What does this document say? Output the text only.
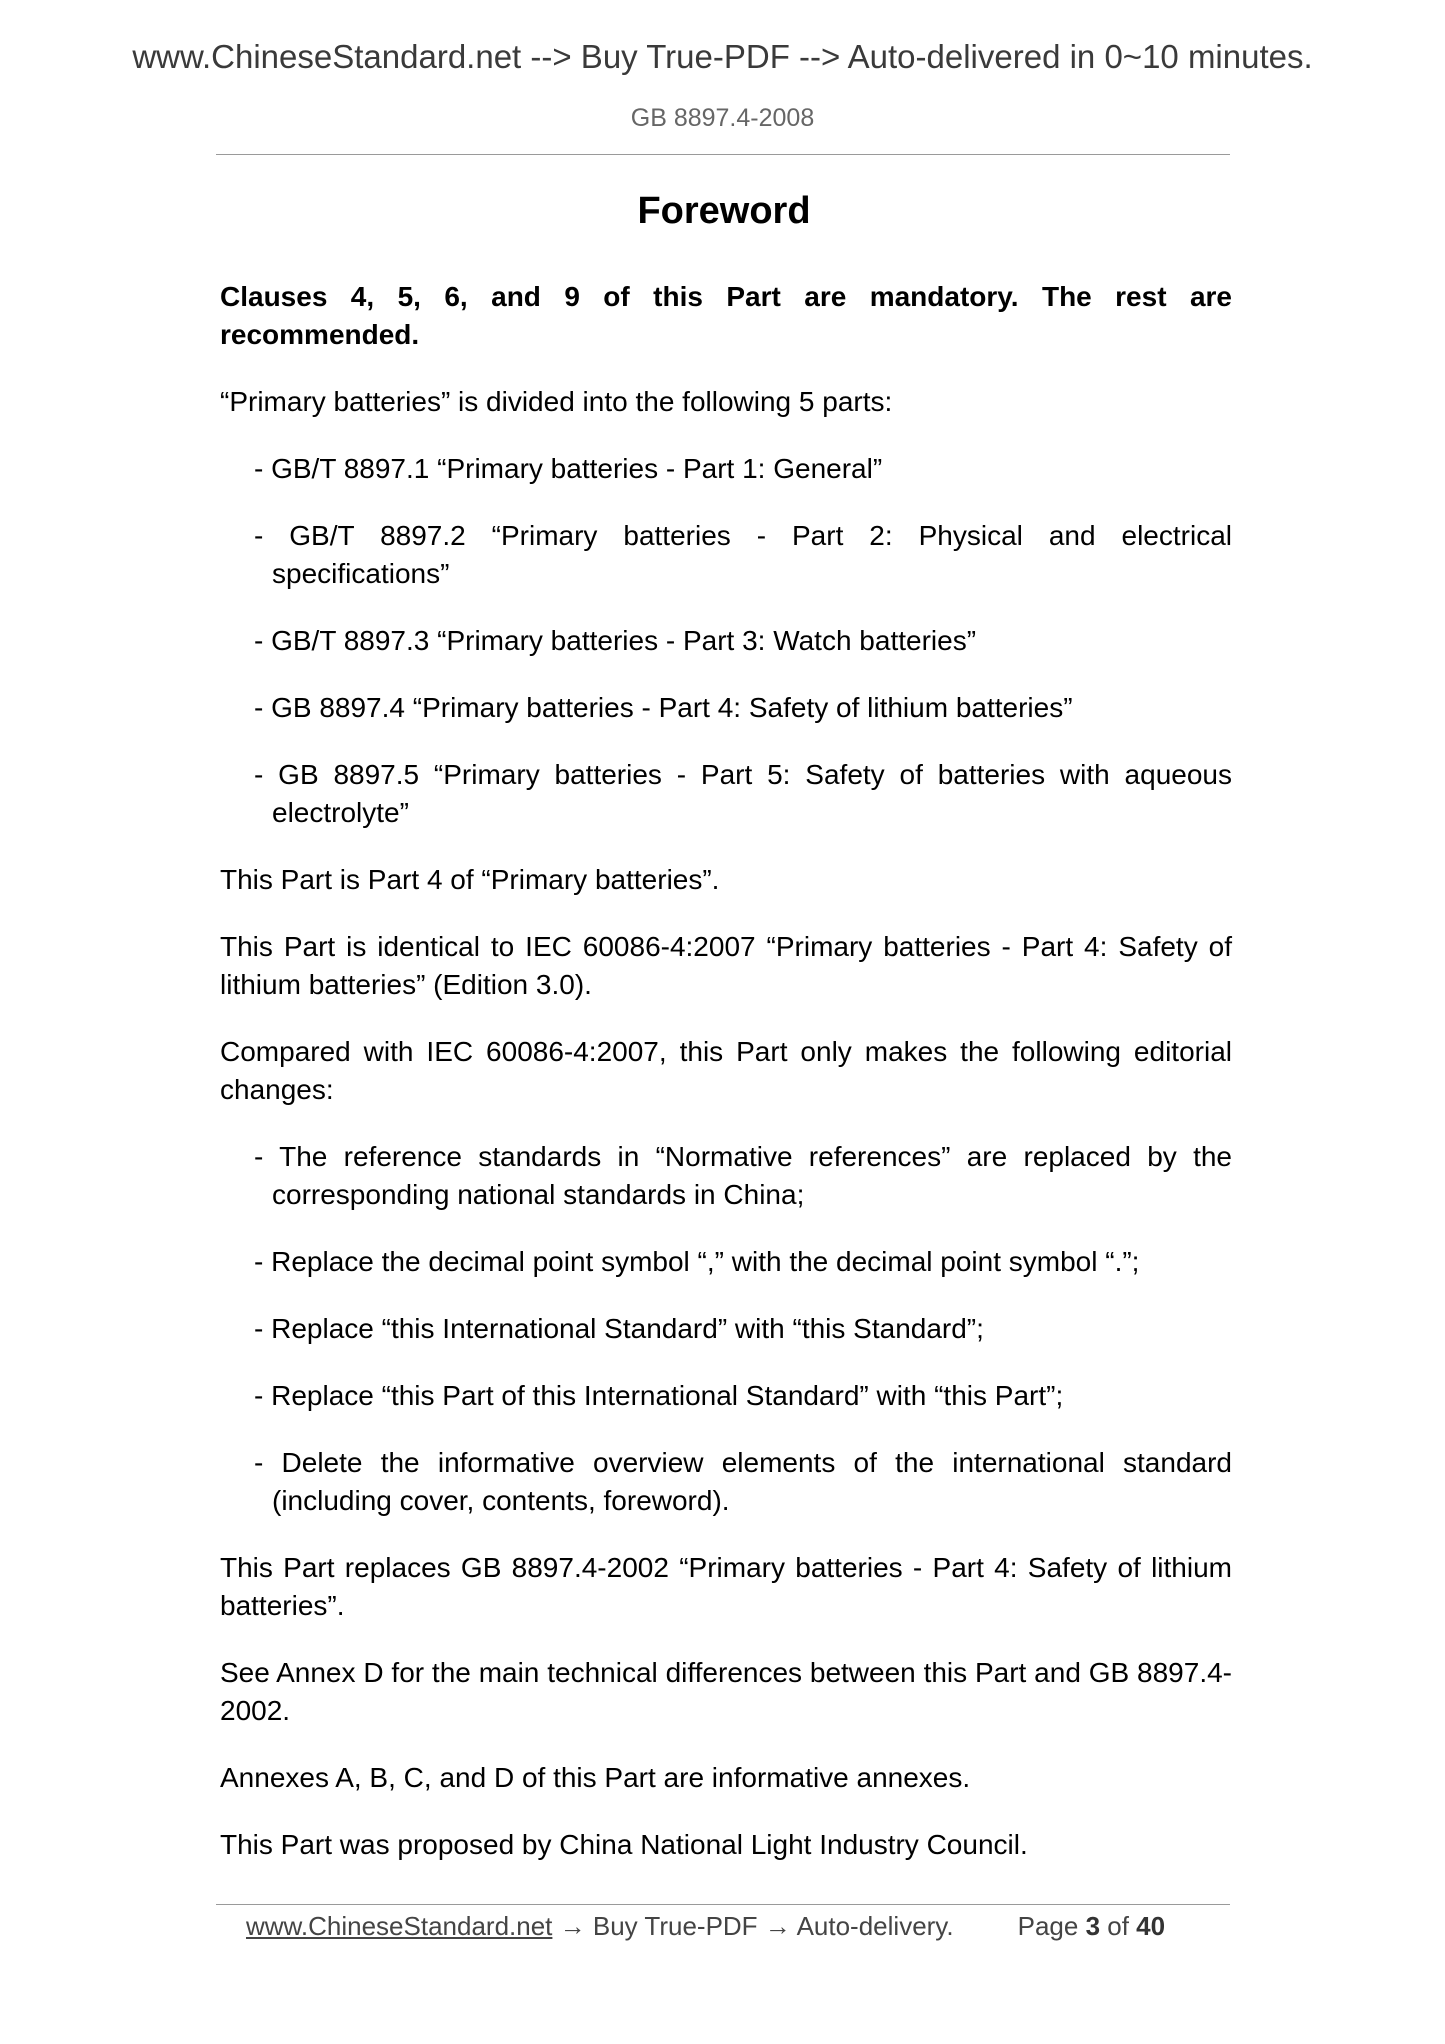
www.ChineseStandard.net --> Buy True-PDF --> Auto-delivered in 0~10 minutes.
GB 8897.4-2008
Foreword

Clauses 4, 5, 6, and 9 of this Part are mandatory. The rest are recommended.

“Primary batteries” is divided into the following 5 parts:

- GB/T 8897.1 “Primary batteries - Part 1: General”

- GB/T 8897.2 “Primary batteries - Part 2: Physical and electrical specifications”

- GB/T 8897.3 “Primary batteries - Part 3: Watch batteries”

- GB 8897.4 “Primary batteries - Part 4: Safety of lithium batteries”

- GB 8897.5 “Primary batteries - Part 5: Safety of batteries with aqueous electrolyte”

This Part is Part 4 of “Primary batteries”.

This Part is identical to IEC 60086-4:2007 “Primary batteries - Part 4: Safety of lithium batteries” (Edition 3.0).

Compared with IEC 60086-4:2007, this Part only makes the following editorial changes:

- The reference standards in “Normative references” are replaced by the corresponding national standards in China;

- Replace the decimal point symbol “,” with the decimal point symbol “.”;

- Replace “this International Standard” with “this Standard”;

- Replace “this Part of this International Standard” with “this Part”;

- Delete the informative overview elements of the international standard (including cover, contents, foreword).

This Part replaces GB 8897.4-2002 “Primary batteries - Part 4: Safety of lithium batteries”.

See Annex D for the main technical differences between this Part and GB 8897.4-2002.

Annexes A, B, C, and D of this Part are informative annexes.

This Part was proposed by China National Light Industry Council.

www.ChineseStandard.net → Buy True-PDF → Auto-delivery. Page 3 of 40
